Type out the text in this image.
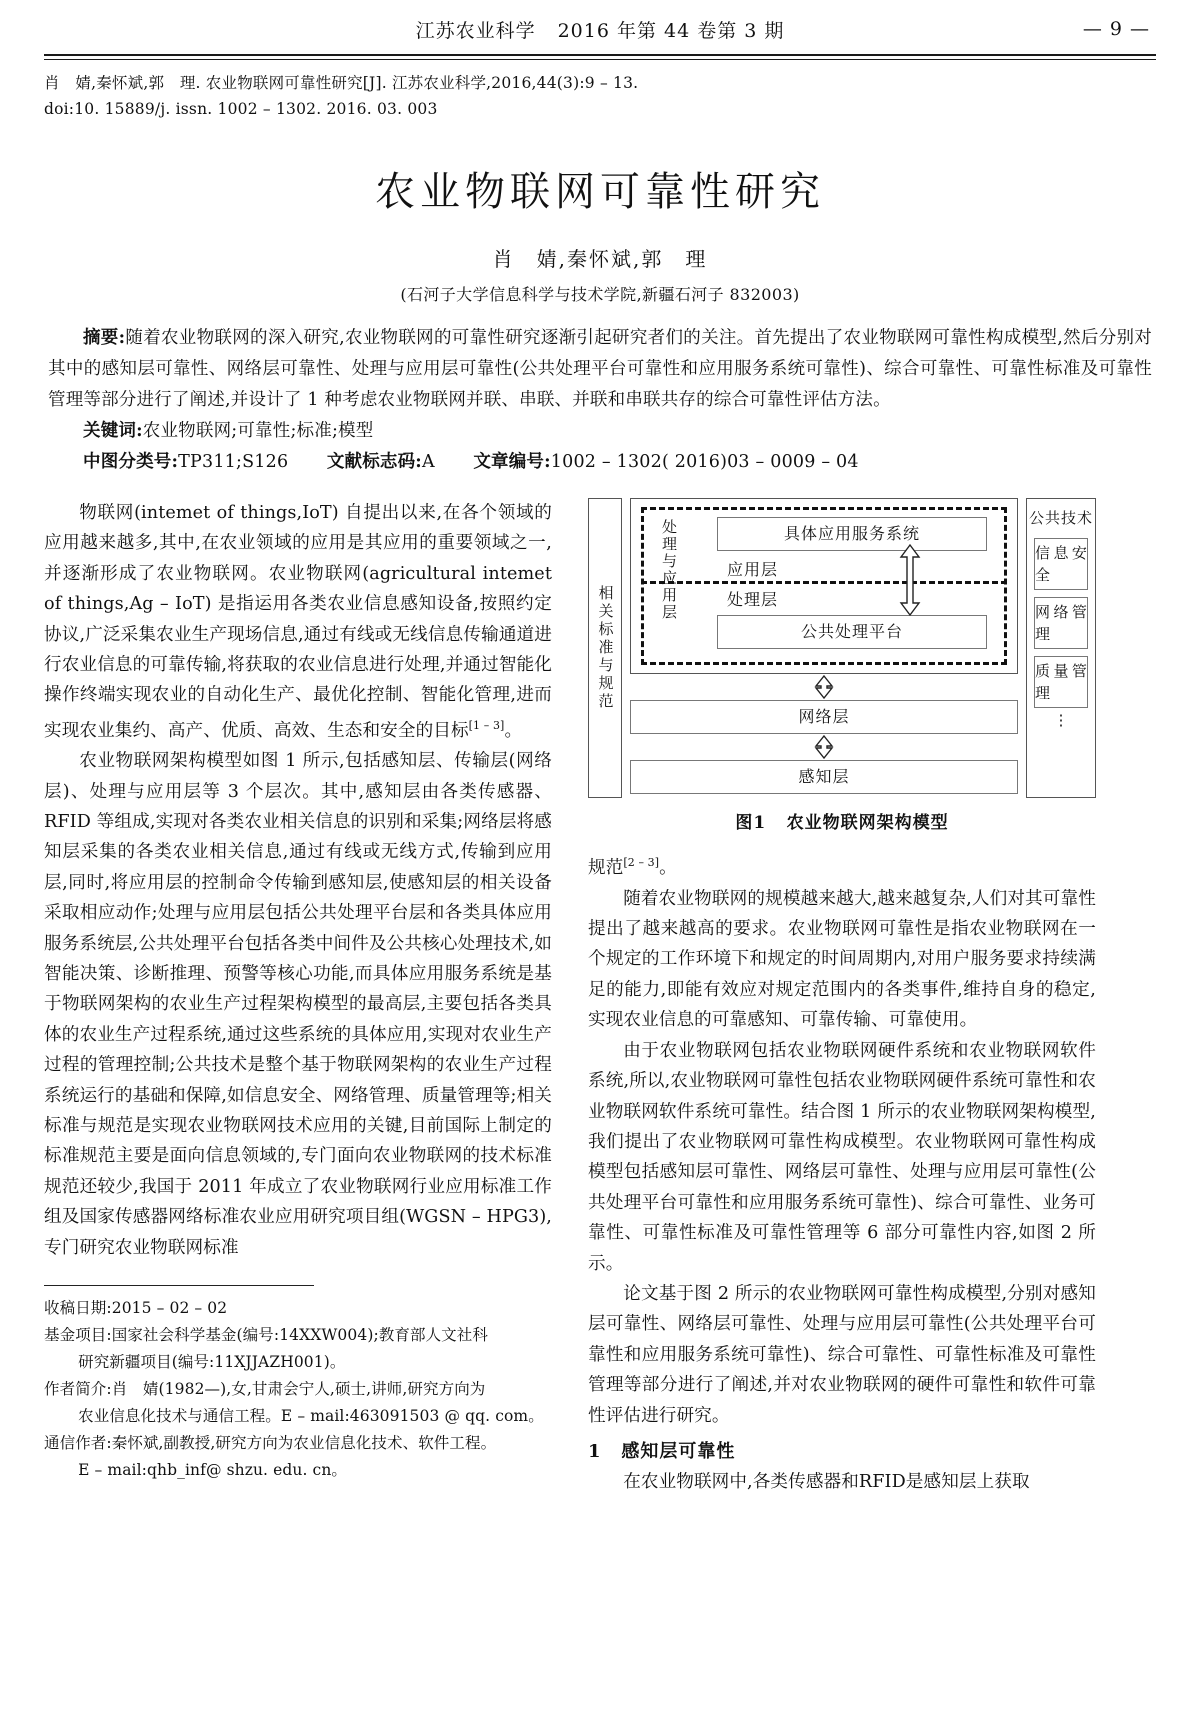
江苏农业科学 2016 年第 44 卷第 3 期	— 9 —
肖　婧,秦怀斌,郭　理. 农业物联网可靠性研究[J]. 江苏农业科学,2016,44(3):9 – 13.
doi:10. 15889/j. issn. 1002 – 1302. 2016. 03. 003
农业物联网可靠性研究
肖　婧,秦怀斌,郭　理
(石河子大学信息科学与技术学院,新疆石河子 832003)

摘要:随着农业物联网的深入研究,农业物联网的可靠性研究逐渐引起研究者们的关注。首先提出了农业物联网可靠性构成模型,然后分别对其中的感知层可靠性、网络层可靠性、处理与应用层可靠性(公共处理平台可靠性和应用服务系统可靠性)、综合可靠性、可靠性标准及可靠性管理等部分进行了阐述,并设计了 1 种考虑农业物联网并联、串联、并联和串联共存的综合可靠性评估方法。

关键词:农业物联网;可靠性;标准;模型

中图分类号:TP311;S126 文献标志码:A 文章编号:1002 – 1302( 2016)03 – 0009 – 04

物联网(intemet of things,IoT) 自提出以来,在各个领域的应用越来越多,其中,在农业领域的应用是其应用的重要领域之一,并逐渐形成了农业物联网。农业物联网(agricultural intemet of things,Ag – IoT) 是指运用各类农业信息感知设备,按照约定协议,广泛采集农业生产现场信息,通过有线或无线信息传输通道进行农业信息的可靠传输,将获取的农业信息进行处理,并通过智能化操作终端实现农业的自动化生产、最优化控制、智能化管理,进而实现农业集约、高产、优质、高效、生态和安全的目标[1 – 3]。

农业物联网架构模型如图 1 所示,包括感知层、传输层(网络层)、处理与应用层等 3 个层次。其中,感知层由各类传感器、RFID 等组成,实现对各类农业相关信息的识别和采集;网络层将感知层采集的各类农业相关信息,通过有线或无线方式,传输到应用层,同时,将应用层的控制命令传输到感知层,使感知层的相关设备采取相应动作;处理与应用层包括公共处理平台层和各类具体应用服务系统层,公共处理平台包括各类中间件及公共核心处理技术,如智能决策、诊断推理、预警等核心功能,而具体应用服务系统是基于物联网架构的农业生产过程架构模型的最高层,主要包括各类具体的农业生产过程系统,通过这些系统的具体应用,实现对农业生产过程的管理控制;公共技术是整个基于物联网架构的农业生产过程系统运行的基础和保障,如信息安全、网络管理、质量管理等;相关标准与规范是实现农业物联网技术应用的关键,目前国际上制定的标准规范主要是面向信息领域的,专门面向农业物联网的技术标准规范还较少,我国于 2011 年成立了农业物联网行业应用标准工作组及国家传感器网络标准农业应用研究项目组(WGSN – HPG3),专门研究农业物联网标准

收稿日期:2015 – 02 – 02
基金项目:国家社会科学基金(编号:14XXW004);教育部人文社科
研究新疆项目(编号:11XJJAZH001)。
作者简介:肖　婧(1982—),女,甘肃会宁人,硕士,讲师,研究方向为
农业信息化技术与通信工程。E – mail:463091503 @ qq. com。
通信作者:秦怀斌,副教授,研究方向为农业信息化技术、软件工程。
E – mail:qhb_inf@ shzu. edu. cn。
相关标准与规范
处理与应用层	具体应用服务系统
应用层
处理层
公共处理平台
网络层
感知层
公共技术
信息安全
网络管理
质量管理
⋮
图1 农业物联网架构模型

规范[2 – 3]。

随着农业物联网的规模越来越大,越来越复杂,人们对其可靠性提出了越来越高的要求。农业物联网可靠性是指农业物联网在一个规定的工作环境下和规定的时间周期内,对用户服务要求持续满足的能力,即能有效应对规定范围内的各类事件,维持自身的稳定,实现农业信息的可靠感知、可靠传输、可靠使用。

由于农业物联网包括农业物联网硬件系统和农业物联网软件系统,所以,农业物联网可靠性包括农业物联网硬件系统可靠性和农业物联网软件系统可靠性。结合图 1 所示的农业物联网架构模型,我们提出了农业物联网可靠性构成模型。农业物联网可靠性构成模型包括感知层可靠性、网络层可靠性、处理与应用层可靠性(公共处理平台可靠性和应用服务系统可靠性)、综合可靠性、业务可靠性、可靠性标准及可靠性管理等 6 部分可靠性内容,如图 2 所示。

论文基于图 2 所示的农业物联网可靠性构成模型,分别对感知层可靠性、网络层可靠性、处理与应用层可靠性(公共处理平台可靠性和应用服务系统可靠性)、综合可靠性、可靠性标准及可靠性管理等部分进行了阐述,并对农业物联网的硬件可靠性和软件可靠性评估进行研究。

1 感知层可靠性

在农业物联网中,各类传感器和RFID是感知层上获取
